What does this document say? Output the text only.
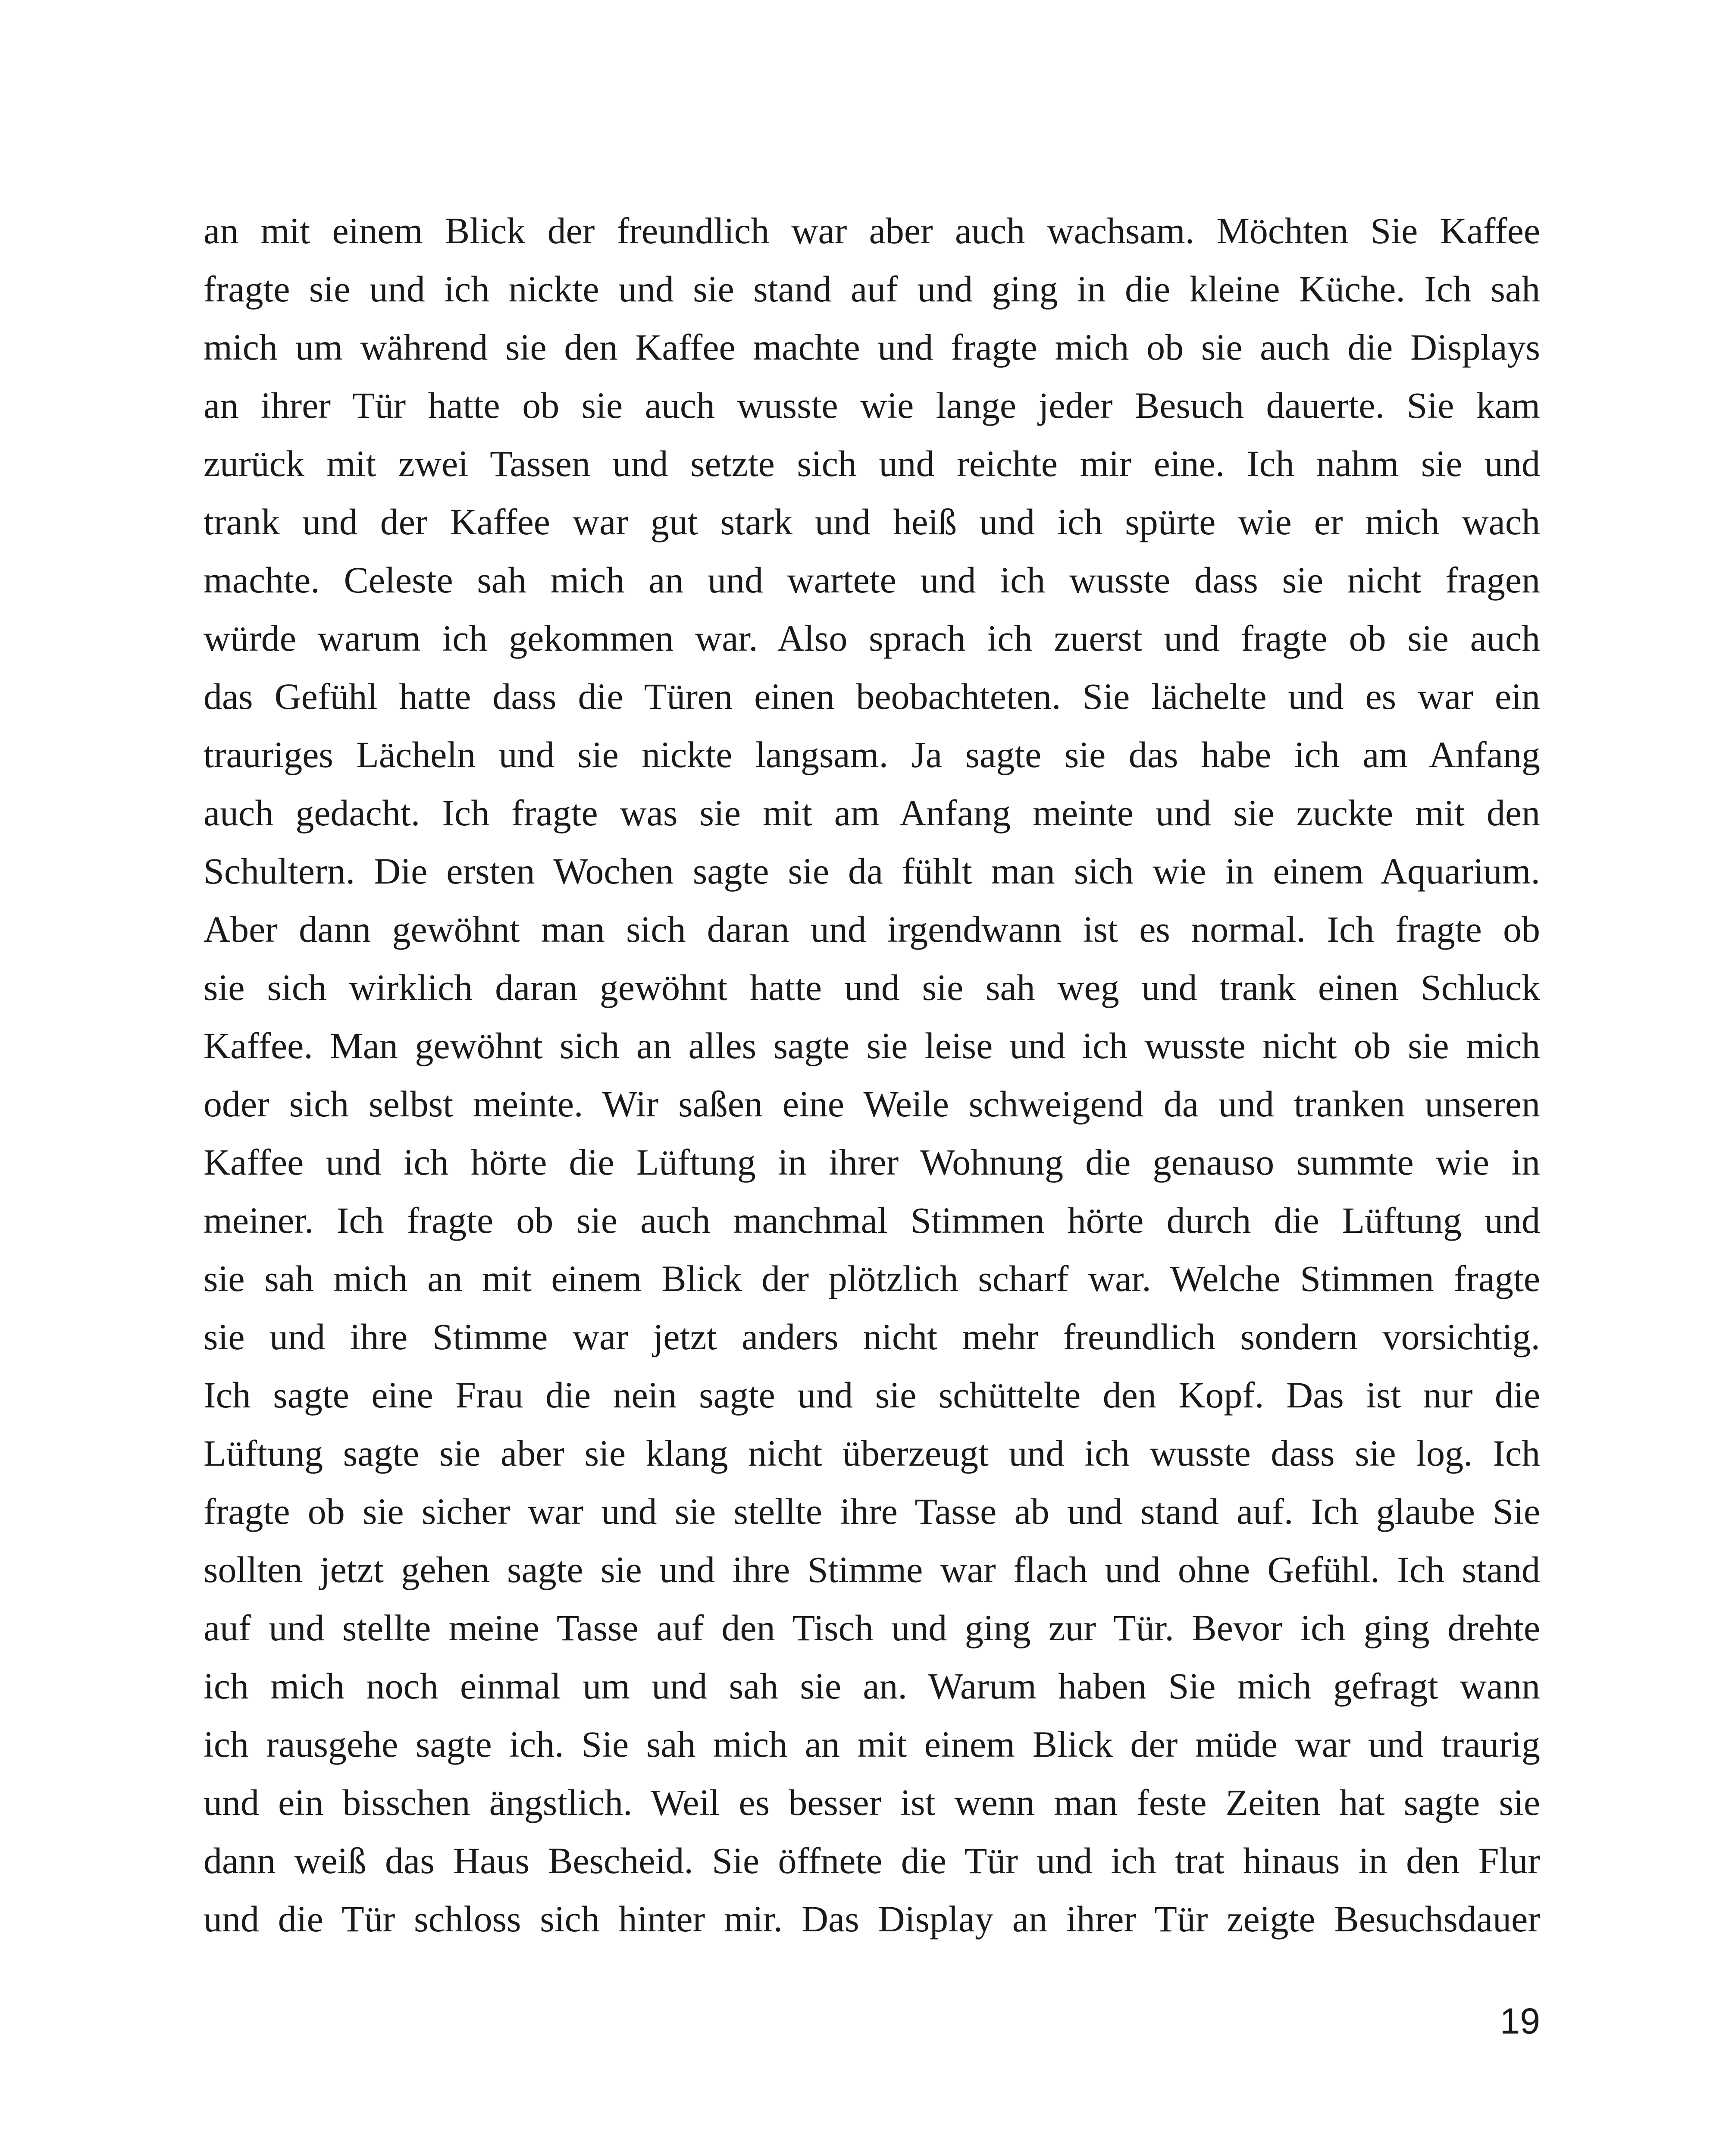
an mit einem Blick der freundlich war aber auch wachsam. Möchten Sie Kaffee
fragte sie und ich nickte und sie stand auf und ging in die kleine Küche. Ich sah
mich um während sie den Kaffee machte und fragte mich ob sie auch die Displays
an ihrer Tür hatte ob sie auch wusste wie lange jeder Besuch dauerte. Sie kam
zurück mit zwei Tassen und setzte sich und reichte mir eine. Ich nahm sie und
trank und der Kaffee war gut stark und heiß und ich spürte wie er mich wach
machte. Celeste sah mich an und wartete und ich wusste dass sie nicht fragen
würde warum ich gekommen war. Also sprach ich zuerst und fragte ob sie auch
das Gefühl hatte dass die Türen einen beobachteten. Sie lächelte und es war ein
trauriges Lächeln und sie nickte langsam. Ja sagte sie das habe ich am Anfang
auch gedacht. Ich fragte was sie mit am Anfang meinte und sie zuckte mit den
Schultern. Die ersten Wochen sagte sie da fühlt man sich wie in einem Aquarium.
Aber dann gewöhnt man sich daran und irgendwann ist es normal. Ich fragte ob
sie sich wirklich daran gewöhnt hatte und sie sah weg und trank einen Schluck
Kaffee. Man gewöhnt sich an alles sagte sie leise und ich wusste nicht ob sie mich
oder sich selbst meinte. Wir saßen eine Weile schweigend da und tranken unseren
Kaffee und ich hörte die Lüftung in ihrer Wohnung die genauso summte wie in
meiner. Ich fragte ob sie auch manchmal Stimmen hörte durch die Lüftung und
sie sah mich an mit einem Blick der plötzlich scharf war. Welche Stimmen fragte
sie und ihre Stimme war jetzt anders nicht mehr freundlich sondern vorsichtig.
Ich sagte eine Frau die nein sagte und sie schüttelte den Kopf. Das ist nur die
Lüftung sagte sie aber sie klang nicht überzeugt und ich wusste dass sie log. Ich
fragte ob sie sicher war und sie stellte ihre Tasse ab und stand auf. Ich glaube Sie
sollten jetzt gehen sagte sie und ihre Stimme war flach und ohne Gefühl. Ich stand
auf und stellte meine Tasse auf den Tisch und ging zur Tür. Bevor ich ging drehte
ich mich noch einmal um und sah sie an. Warum haben Sie mich gefragt wann
ich rausgehe sagte ich. Sie sah mich an mit einem Blick der müde war und traurig
und ein bisschen ängstlich. Weil es besser ist wenn man feste Zeiten hat sagte sie
dann weiß das Haus Bescheid. Sie öffnete die Tür und ich trat hinaus in den Flur
und die Tür schloss sich hinter mir. Das Display an ihrer Tür zeigte Besuchsdauer
19
